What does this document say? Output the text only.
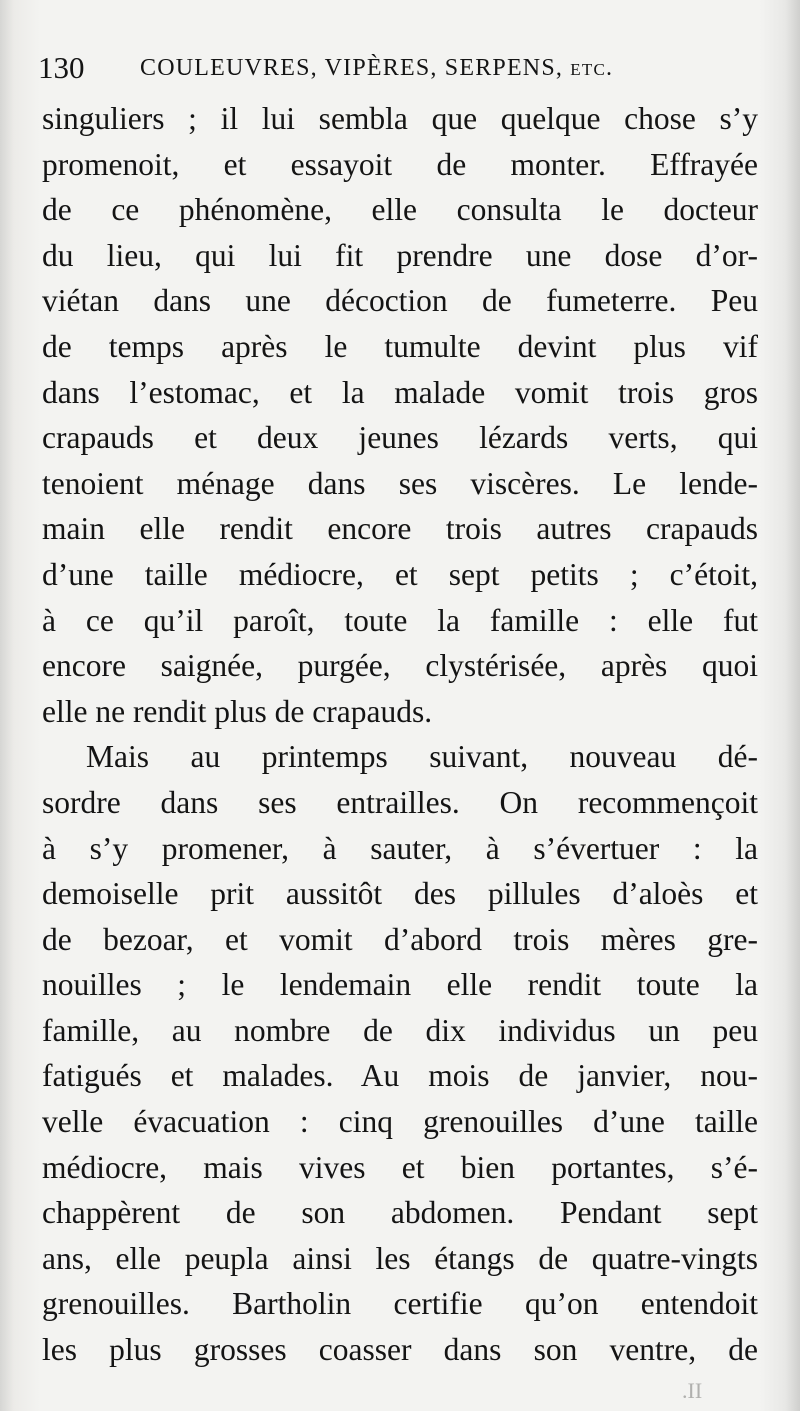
130 COULEUVRES, VIPÈRES, SERPENS, etc.
singuliers ; il lui sembla que quelque chose s’y
promenoit, et essayoit de monter. Effrayée
de ce phénomène, elle consulta le docteur
du lieu, qui lui fit prendre une dose d’or-
viétan dans une décoction de fumeterre. Peu
de temps après le tumulte devint plus vif
dans l’estomac, et la malade vomit trois gros
crapauds et deux jeunes lézards verts, qui
tenoient ménage dans ses viscères. Le lende-
main elle rendit encore trois autres crapauds
d’une taille médiocre, et sept petits ; c’étoit,
à ce qu’il paroît, toute la famille : elle fut
encore saignée, purgée, clystérisée, après quoi
elle ne rendit plus de crapauds.
Mais au printemps suivant, nouveau dé-
sordre dans ses entrailles. On recommençoit
à s’y promener, à sauter, à s’évertuer : la
demoiselle prit aussitôt des pillules d’aloès et
de bezoar, et vomit d’abord trois mères gre-
nouilles ; le lendemain elle rendit toute la
famille, au nombre de dix individus un peu
fatigués et malades. Au mois de janvier, nou-
velle évacuation : cinq grenouilles d’une taille
médiocre, mais vives et bien portantes, s’é-
chappèrent de son abdomen. Pendant sept
ans, elle peupla ainsi les étangs de quatre-vingts
grenouilles. Bartholin certifie qu’on entendoit
les plus grosses coasser dans son ventre, de
.II
